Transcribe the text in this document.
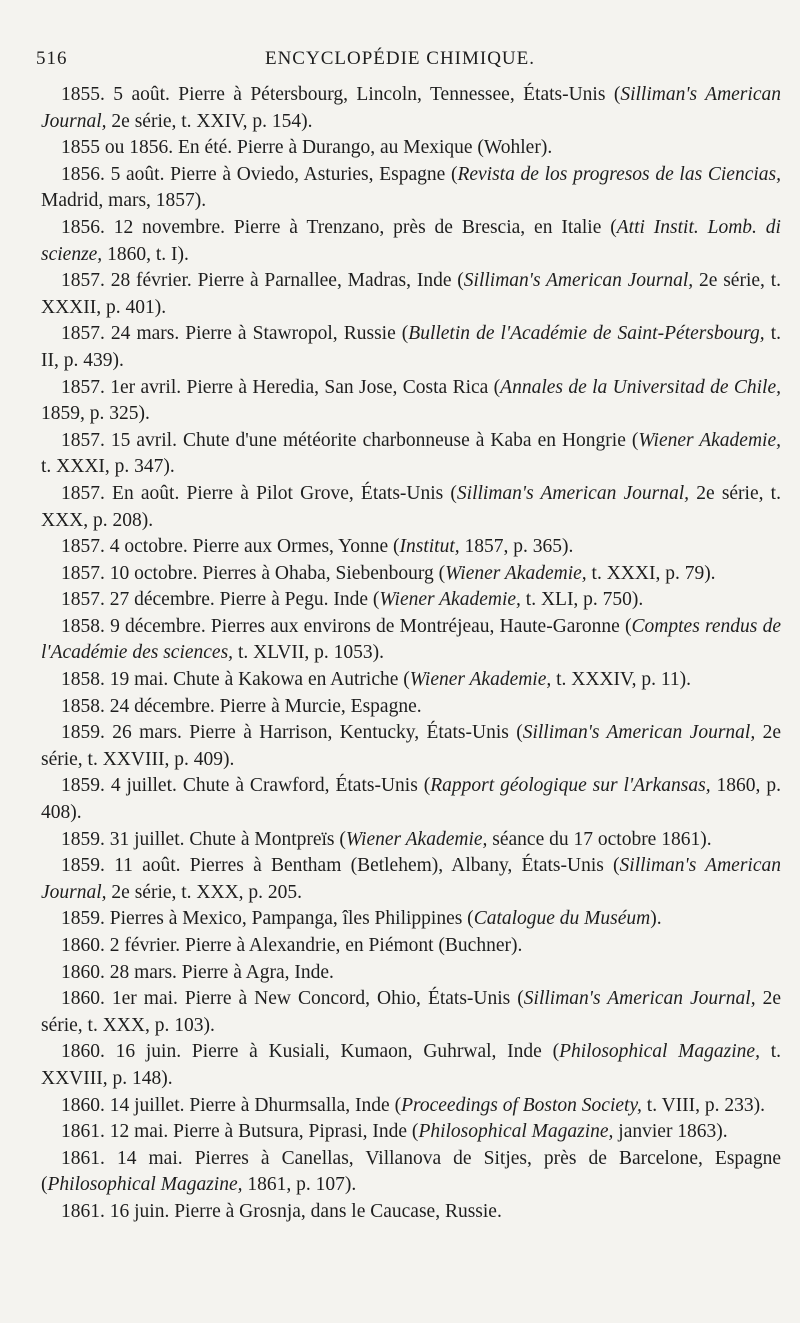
516	ENCYCLOPÉDIE CHIMIQUE.

1855. 5 août. Pierre à Pétersbourg, Lincoln, Tennessee, États-Unis (Silliman's American Journal, 2e série, t. XXIV, p. 154).

1855 ou 1856. En été. Pierre à Durango, au Mexique (Wohler).

1856. 5 août. Pierre à Oviedo, Asturies, Espagne (Revista de los progresos de las Ciencias, Madrid, mars, 1857).

1856. 12 novembre. Pierre à Trenzano, près de Brescia, en Italie (Atti Instit. Lomb. di scienze, 1860, t. I).

1857. 28 février. Pierre à Parnallee, Madras, Inde (Silliman's American Journal, 2e série, t. XXXII, p. 401).

1857. 24 mars. Pierre à Stawropol, Russie (Bulletin de l'Académie de Saint-Pétersbourg, t. II, p. 439).

1857. 1er avril. Pierre à Heredia, San Jose, Costa Rica (Annales de la Universitad de Chile, 1859, p. 325).

1857. 15 avril. Chute d'une météorite charbonneuse à Kaba en Hongrie (Wiener Akademie, t. XXXI, p. 347).

1857. En août. Pierre à Pilot Grove, États-Unis (Silliman's American Journal, 2e série, t. XXX, p. 208).

1857. 4 octobre. Pierre aux Ormes, Yonne (Institut, 1857, p. 365).

1857. 10 octobre. Pierres à Ohaba, Siebenbourg (Wiener Akademie, t. XXXI, p. 79).

1857. 27 décembre. Pierre à Pegu. Inde (Wiener Akademie, t. XLI, p. 750).

1858. 9 décembre. Pierres aux environs de Montréjeau, Haute-Garonne (Comptes rendus de l'Académie des sciences, t. XLVII, p. 1053).

1858. 19 mai. Chute à Kakowa en Autriche (Wiener Akademie, t. XXXIV, p. 11).

1858. 24 décembre. Pierre à Murcie, Espagne.

1859. 26 mars. Pierre à Harrison, Kentucky, États-Unis (Silliman's American Journal, 2e série, t. XXVIII, p. 409).

1859. 4 juillet. Chute à Crawford, États-Unis (Rapport géologique sur l'Arkansas, 1860, p. 408).

1859. 31 juillet. Chute à Montpreïs (Wiener Akademie, séance du 17 octobre 1861).

1859. 11 août. Pierres à Bentham (Betlehem), Albany, États-Unis (Silliman's American Journal, 2e série, t. XXX, p. 205.

1859. Pierres à Mexico, Pampanga, îles Philippines (Catalogue du Muséum).

1860. 2 février. Pierre à Alexandrie, en Piémont (Buchner).

1860. 28 mars. Pierre à Agra, Inde.

1860. 1er mai. Pierre à New Concord, Ohio, États-Unis (Silliman's American Journal, 2e série, t. XXX, p. 103).

1860. 16 juin. Pierre à Kusiali, Kumaon, Guhrwal, Inde (Philosophical Magazine, t. XXVIII, p. 148).

1860. 14 juillet. Pierre à Dhurmsalla, Inde (Proceedings of Boston Society, t. VIII, p. 233).

1861. 12 mai. Pierre à Butsura, Piprasi, Inde (Philosophical Magazine, janvier 1863).

1861. 14 mai. Pierres à Canellas, Villanova de Sitjes, près de Barcelone, Espagne (Philosophical Magazine, 1861, p. 107).

1861. 16 juin. Pierre à Grosnja, dans le Caucase, Russie.
